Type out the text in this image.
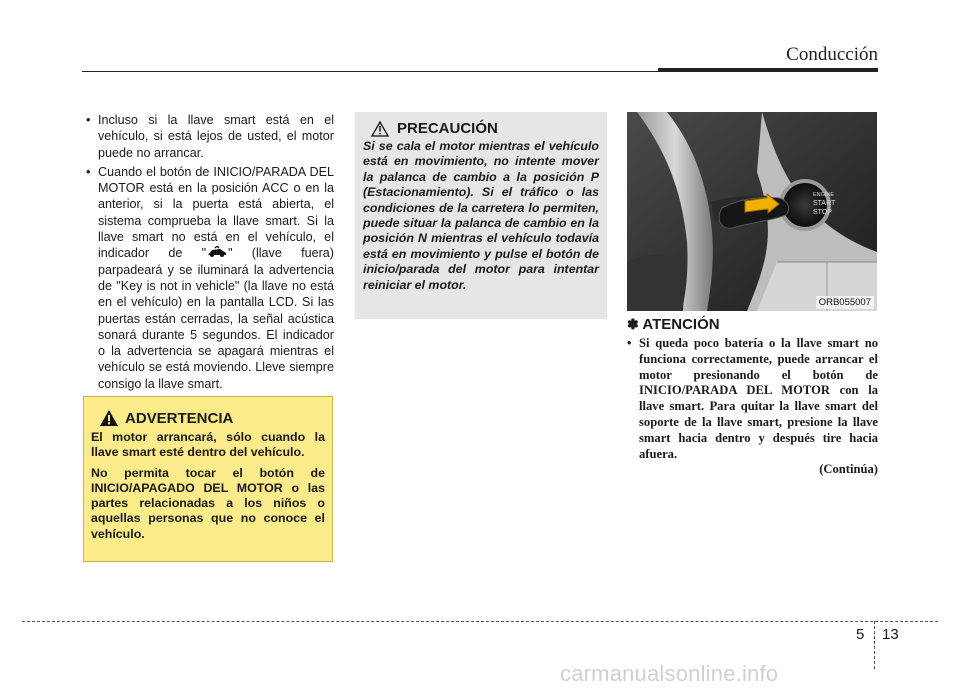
Conducción

• Incluso si la llave smart está en el vehículo, si está lejos de usted, el motor puede no arrancar.

• Cuando el botón de INICIO/PARADA DEL MOTOR está en la posición ACC o en la anterior, si la puerta está abierta, el sistema comprueba la llave smart. Si la llave smart no está en el vehículo, el indicador de " " (llave fuera) parpadeará y se iluminará la advertencia de "Key is not in vehicle" (la llave no está en el vehículo) en la pantalla LCD. Si las puertas están cerradas, la señal acústica sonará durante 5 segundos. El indicador o la advertencia se apagará mientras el vehículo se está moviendo. Lleve siempre consigo la llave smart.

ADVERTENCIA

El motor arrancará, sólo cuando la llave smart esté dentro del vehículo.

No permita tocar el botón de INICIO/APAGADO DEL MOTOR o las partes relacionadas a los niños o aquellas personas que no conoce el vehículo.

PRECAUCIÓN

Si se cala el motor mientras el vehículo está en movimiento, no intente mover la palanca de cambio a la posición P (Estacionamiento). Si el tráfico o las condiciones de la carretera lo permiten, puede situar la palanca de cambio en la posición N mientras el vehículo todavía está en movimiento y pulse el botón de inicio/parada del motor para intentar reiniciar el motor.

ENGINE
START
STOP
ORB055007

✽ ATENCIÓN

• Si queda poco batería o la llave smart no funciona correctamente, puede arrancar el motor presionando el botón de INICIO/PARADA DEL MOTOR con la llave smart. Para quitar la llave smart del soporte de la llave smart, presione la llave smart hacia dentro y después tire hacia afuera.

(Continúa)
5 13
carmanualsonline.info
